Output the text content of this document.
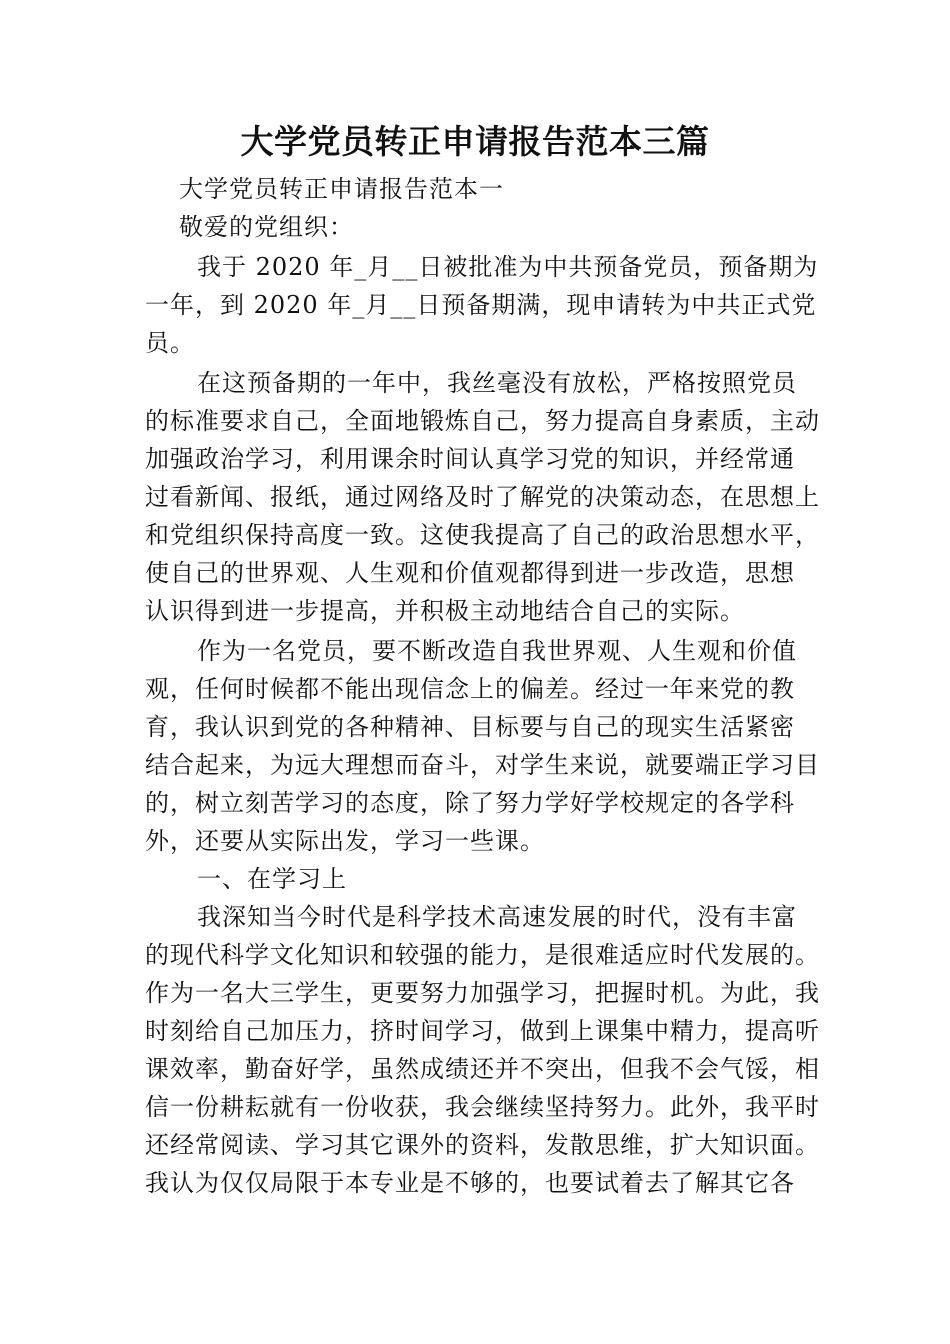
大学党员转正申请报告范本三篇
大学党员转正申请报告范本一
敬爱的党组织：
我于 2020 年_月__日被批准为中共预备党员，预备期为
一年，到 2020 年_月__日预备期满，现申请转为中共正式党
员。
在这预备期的一年中，我丝毫没有放松，严格按照党员
的标准要求自己，全面地锻炼自己，努力提高自身素质，主动
加强政治学习，利用课余时间认真学习党的知识，并经常通
过看新闻、报纸，通过网络及时了解党的决策动态，在思想上
和党组织保持高度一致。这使我提高了自己的政治思想水平，
使自己的世界观、人生观和价值观都得到进一步改造，思想
认识得到进一步提高，并积极主动地结合自己的实际。
作为一名党员，要不断改造自我世界观、人生观和价值
观，任何时候都不能出现信念上的偏差。经过一年来党的教
育，我认识到党的各种精神、目标要与自己的现实生活紧密
结合起来，为远大理想而奋斗，对学生来说，就要端正学习目
的，树立刻苦学习的态度，除了努力学好学校规定的各学科
外，还要从实际出发，学习一些课。
一、在学习上
我深知当今时代是科学技术高速发展的时代，没有丰富
的现代科学文化知识和较强的能力，是很难适应时代发展的。
作为一名大三学生，更要努力加强学习，把握时机。为此，我
时刻给自己加压力，挤时间学习，做到上课集中精力，提高听
课效率，勤奋好学，虽然成绩还并不突出，但我不会气馁，相
信一份耕耘就有一份收获，我会继续坚持努力。此外，我平时
还经常阅读、学习其它课外的资料，发散思维，扩大知识面。
我认为仅仅局限于本专业是不够的，也要试着去了解其它各
